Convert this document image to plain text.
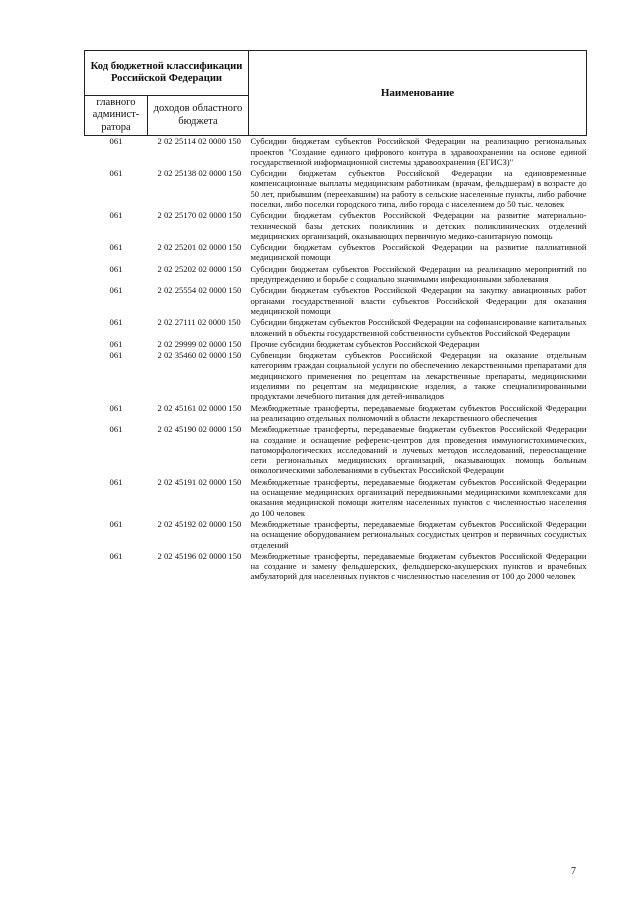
Код бюджетной классификации Российской Федерации		Наименование
главного админист-ратора	доходов областного бюджета	
061	2 02 25114 02 0000 150	Субсидии бюджетам субъектов Российской Федерации на реализацию региональных проектов "Создание единого цифрового контура в здравоохранении на основе единой государственной информационной системы здравоохранения (ЕГИСЗ)"
061	2 02 25138 02 0000 150	Субсидии бюджетам субъектов Российской Федерации на единовременные компенсационные выплаты медицинским работникам (врачам, фельдшерам) в возрасте до 50 лет, прибывшим (переехавшим) на работу в сельские населенные пункты, либо рабочие поселки, либо поселки городского типа, либо города с населением до 50 тыс. человек
061	2 02 25170 02 0000 150	Субсидии бюджетам субъектов Российской Федерации на развитие материально-технической базы детских поликлиник и детских поликлинических отделений медицинских организаций, оказывающих первичную медико-санитарную помощь
061	2 02 25201 02 0000 150	Субсидии бюджетам субъектов Российской Федерации на развитие паллиативной медицинской помощи
061	2 02 25202 02 0000 150	Субсидии бюджетам субъектов Российской Федерации на реализацию мероприятий по предупреждению и борьбе с социально значимыми инфекционными заболевания
061	2 02 25554 02 0000 150	Субсидии бюджетам субъектов Российской Федерации на закупку авиационных работ органами государственной власти субъектов Российской Федерации для оказания медицинской помощи
061	2 02 27111 02 0000 150	Субсидии бюджетам субъектов Российской Федерации на софинансирование капитальных вложений в объекты государственной собственности субъектов Российской Федерации
061	2 02 29999 02 0000 150	Прочие субсидии бюджетам субъектов Российской Федерации
061	2 02 35460 02 0000 150	Субвенции бюджетам субъектов Российской Федерации на оказание отдельным категориям граждан социальной услуги по обеспечению лекарственными препаратами для медицинского применения по рецептам на лекарственные препараты, медицинскими изделиями по рецептам на медицинские изделия, а также специализированными продуктами лечебного питания для детей-инвалидов
061	2 02 45161 02 0000 150	Межбюджетные трансферты, передаваемые бюджетам субъектов Российской Федерации на реализацию отдельных полномочий в области лекарственного обеспечения
061	2 02 45190 02 0000 150	Межбюджетные трансферты, передаваемые бюджетам субъектов Российской Федерации на создание и оснащение референс-центров для проведения иммуногистохимических, патоморфологических исследований и лучевых методов исследований, переоснащение сети региональных медицинских организаций, оказывающих помощь больным онкологическими заболеваниями в субъектах Российской Федерации
061	2 02 45191 02 0000 150	Межбюджетные трансферты, передаваемые бюджетам субъектов Российской Федерации на оснащение медицинских организаций передвижными медицинскими комплексами для оказания медицинской помощи жителям населенных пунктов с численностью населения до 100 человек
061	2 02 45192 02 0000 150	Межбюджетные трансферты, передаваемые бюджетам субъектов Российской Федерации на оснащение оборудованием региональных сосудистых центров и первичных сосудистых отделений
061	2 02 45196 02 0000 150	Межбюджетные трансферты, передаваемые бюджетам субъектов Российской Федерации на создание и замену фельдшерских, фельдшерско-акушерских пунктов и врачебных амбулаторий для населенных пунктов с численностью населения от 100 до 2000 человек
7
